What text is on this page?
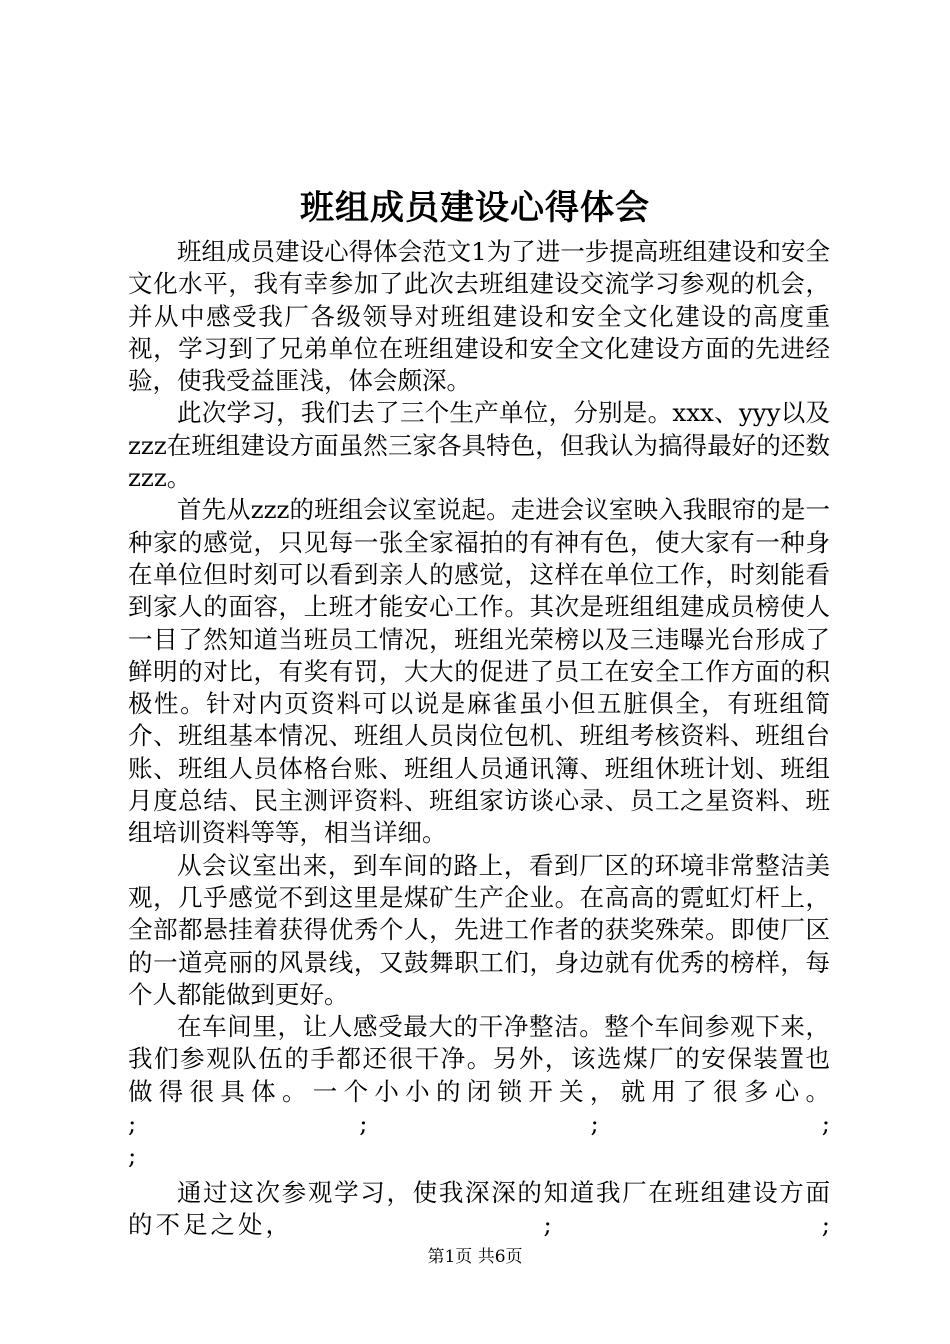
班组成员建设心得体会

班组成员建设心得体会范文1为了进一步提高班组建设和安全文化水平，我有幸参加了此次去班组建设交流学习参观的机会，并从中感受我厂各级领导对班组建设和安全文化建设的高度重视，学习到了兄弟单位在班组建设和安全文化建设方面的先进经验，使我受益匪浅，体会颇深。

此次学习，我们去了三个生产单位，分别是。xxx、yyy以及zzz在班组建设方面虽然三家各具特色，但我认为搞得最好的还数zzz。

首先从zzz的班组会议室说起。走进会议室映入我眼帘的是一种家的感觉，只见每一张全家福拍的有神有色，使大家有一种身在单位但时刻可以看到亲人的感觉，这样在单位工作，时刻能看到家人的面容，上班才能安心工作。其次是班组组建成员榜使人一目了然知道当班员工情况，班组光荣榜以及三违曝光台形成了鲜明的对比，有奖有罚，大大的促进了员工在安全工作方面的积极性。针对内页资料可以说是麻雀虽小但五脏俱全，有班组简介、班组基本情况、班组人员岗位包机、班组考核资料、班组台账、班组人员体格台账、班组人员通讯簿、班组休班计划、班组月度总结、民主测评资料、班组家访谈心录、员工之星资料、班组培训资料等等，相当详细。

从会议室出来，到车间的路上，看到厂区的环境非常整洁美观，几乎感觉不到这里是煤矿生产企业。在高高的霓虹灯杆上，全部都悬挂着获得优秀个人，先进工作者的获奖殊荣。即使厂区的一道亮丽的风景线，又鼓舞职工们，身边就有优秀的榜样，每个人都能做到更好。

在车间里，让人感受最大的干净整洁。整个车间参观下来，

我们参观队伍的手都还很干净。另外，该选煤厂的安保装置也

做得很具体。一个小小的闭锁开关，就用了很多心。

;	;	;	;
;

通过这次参观学习，使我深深的知道我厂在班组建设方面

的不足之处，	;	;
第1页 共6页
